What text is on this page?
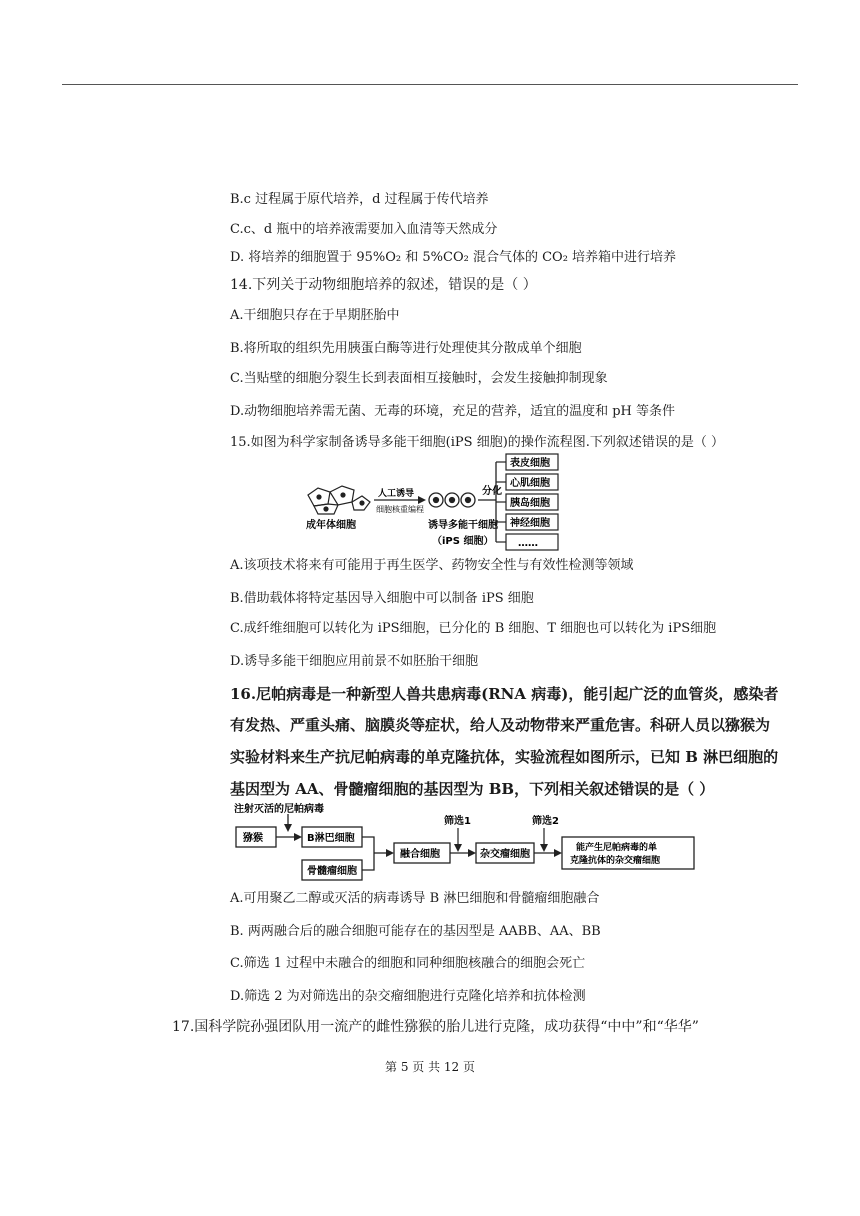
B.c 过程属于原代培养，d 过程属于传代培养
C.c、d 瓶中的培养液需要加入血清等天然成分
D. 将培养的细胞置于 95%O₂ 和 5%CO₂ 混合气体的 CO₂ 培养箱中进行培养
14.下列关于动物细胞培养的叙述，错误的是（ ）
A.干细胞只存在于早期胚胎中
B.将所取的组织先用胰蛋白酶等进行处理使其分散成单个细胞
C.当贴壁的细胞分裂生长到表面相互接触时，会发生接触抑制现象
D.动物细胞培养需无菌、无毒的环境，充足的营养，适宜的温度和 pH 等条件
15.如图为科学家制备诱导多能干细胞(iPS 细胞)的操作流程图.下列叙述错误的是（ ）
成年体细胞
人工诱导
细胞核重编程
诱导多能干细胞
（iPS 细胞）
分化
表皮细胞
心肌细胞
胰岛细胞
神经细胞
……
A.该项技术将来有可能用于再生医学、药物安全性与有效性检测等领域
B.借助载体将特定基因导入细胞中可以制备 iPS 细胞
C.成纤维细胞可以转化为 iPS细胞，已分化的 B 细胞、T 细胞也可以转化为 iPS细胞
D.诱导多能干细胞应用前景不如胚胎干细胞
16.尼帕病毒是一种新型人兽共患病毒(RNA 病毒)，能引起广泛的血管炎，感染者
有发热、严重头痛、脑膜炎等症状，给人及动物带来严重危害。科研人员以猕猴为
实验材料来生产抗尼帕病毒的单克隆抗体，实验流程如图所示，已知 B 淋巴细胞的
基因型为 AA、骨髓瘤细胞的基因型为 BB，下列相关叙述错误的是（ ）
注射灭活的尼帕病毒
猕猴	B淋巴细胞
骨髓瘤细胞
融合细胞
筛选1
杂交瘤细胞
筛选2
能产生尼帕病毒的单
克隆抗体的杂交瘤细胞
A.可用聚乙二醇或灭活的病毒诱导 B 淋巴细胞和骨髓瘤细胞融合
B. 两两融合后的融合细胞可能存在的基因型是 AABB、AA、BB
C.筛选 1 过程中未融合的细胞和同种细胞核融合的细胞会死亡
D.筛选 2 为对筛选出的杂交瘤细胞进行克隆化培养和抗体检测
17.国科学院孙强团队用一流产的雌性猕猴的胎儿进行克隆，成功获得“中中”和“华华”
第 5 页 共 12 页
